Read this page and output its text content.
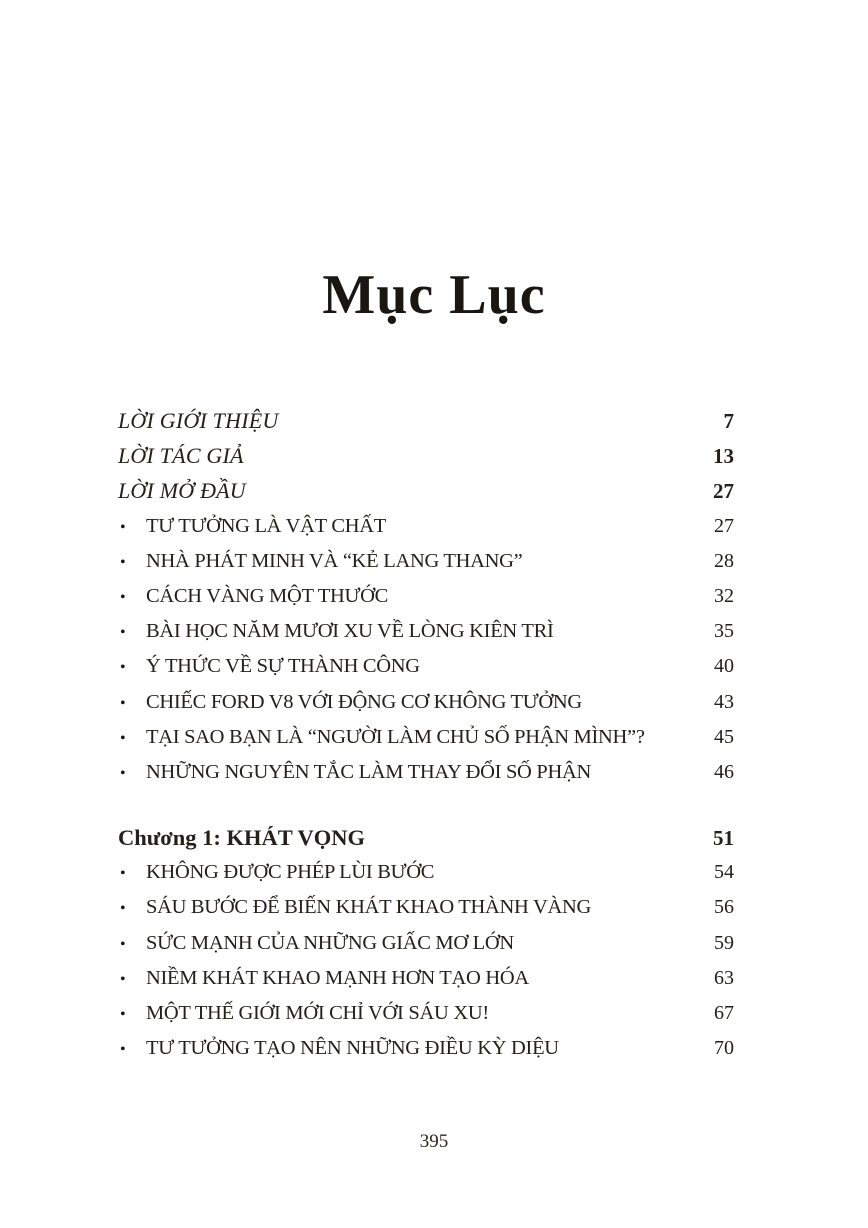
Mục Lục
LỜI GIỚI THIỆU	7
LỜI TÁC GIẢ	13
LỜI MỞ ĐẦU	27
• TƯ TƯỞNG LÀ VẬT CHẤT	27
• NHÀ PHÁT MINH VÀ “KẺ LANG THANG”	28
• CÁCH VÀNG MỘT THƯỚC	32
• BÀI HỌC NĂM MƯƠI XU VỀ LÒNG KIÊN TRÌ	35
• Ý THỨC VỀ SỰ THÀNH CÔNG	40
• CHIẾC FORD V8 VỚI ĐỘNG CƠ KHÔNG TƯỞNG	43
• TẠI SAO BẠN LÀ “NGƯỜI LÀM CHỦ SỐ PHẬN MÌNH”?	45
• NHỮNG NGUYÊN TẮC LÀM THAY ĐỔI SỐ PHẬN	46
Chương 1: KHÁT VỌNG	51
• KHÔNG ĐƯỢC PHÉP LÙI BƯỚC	54
• SÁU BƯỚC ĐỂ BIẾN KHÁT KHAO THÀNH VÀNG	56
• SỨC MẠNH CỦA NHỮNG GIẤC MƠ LỚN	59
• NIỀM KHÁT KHAO MẠNH HƠN TẠO HÓA	63
• MỘT THẾ GIỚI MỚI CHỈ VỚI SÁU XU!	67
• TƯ TƯỞNG TẠO NÊN NHỮNG ĐIỀU KỲ DIỆU	70
395
